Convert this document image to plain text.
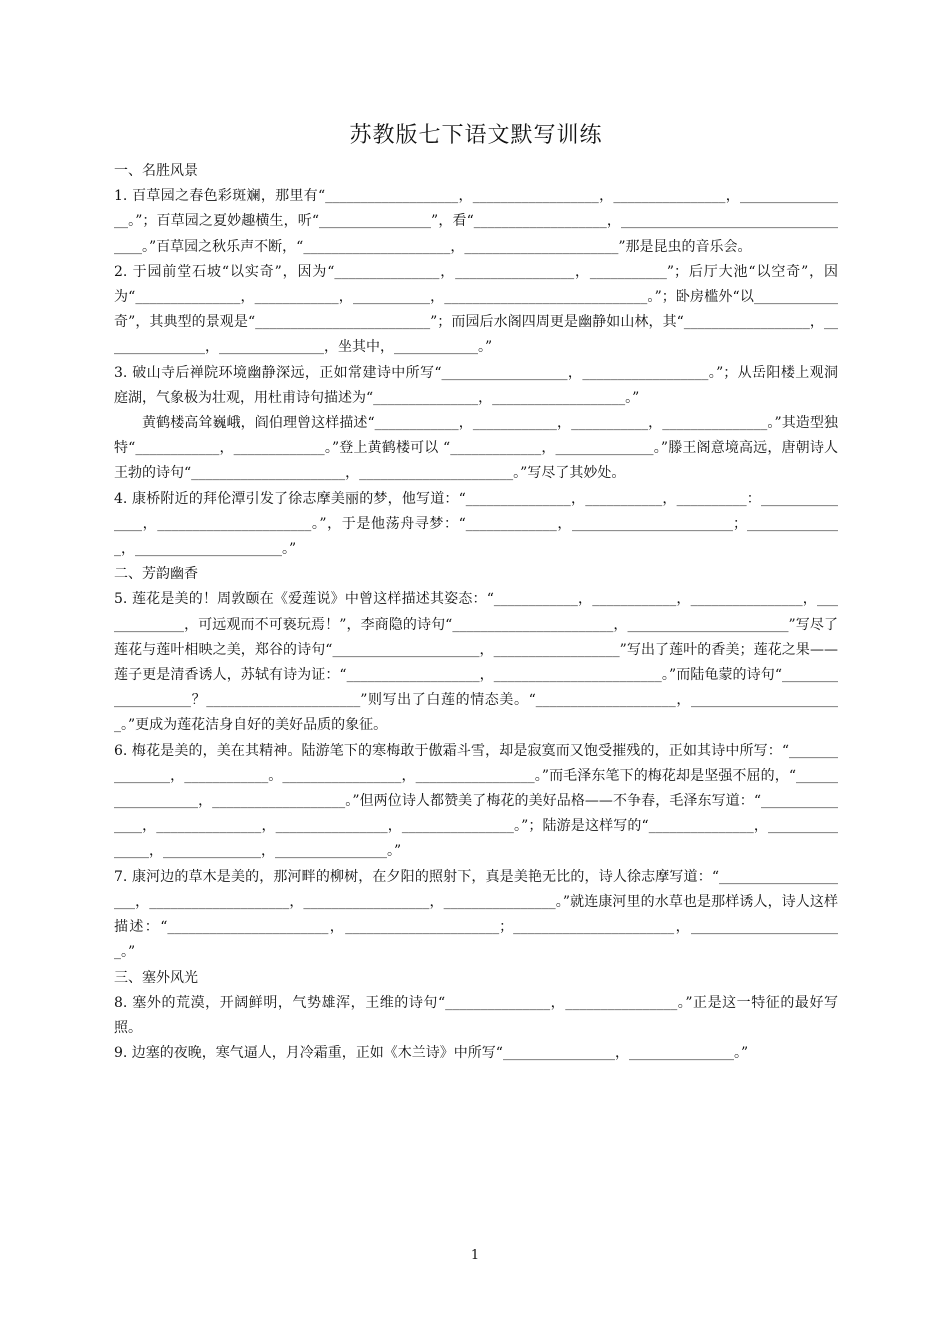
苏教版七下语文默写训练

一、名胜风景

1. 百草园之春色彩斑斓，那里有“___________________，__________________，________________，________________。”；百草园之夏妙趣横生，听“________________”，看“___________________，___________________________________。”百草园之秋乐声不断，“_____________________，______________________”那是昆虫的音乐会。

2. 于园前堂石坡“以实奇”，因为“_______________，_________________，___________”；后厅大池“以空奇”，因为“_______________，____________，___________，_____________________________。”；卧房槛外“以____________奇”，其典型的景观是“_________________________”；而园后水阁四周更是幽静如山林，其“__________________，_______________，_______________，坐其中，____________。”

3. 破山寺后禅院环境幽静深远，正如常建诗中所写“__________________，__________________。”；从岳阳楼上观洞庭湖，气象极为壮观，用杜甫诗句描述为“_______________，___________________。”

黄鹤楼高耸巍峨，阎伯理曾这样描述“____________，____________，___________，_______________。”其造型独特“____________，_____________。”登上黄鹤楼可以 “_____________，______________。”滕王阁意境高远，唐朝诗人王勃的诗句“______________________，______________________。”写尽了其妙处。

4. 康桥附近的拜伦潭引发了徐志摩美丽的梦，他写道：“_______________，___________，__________：_______________，______________________。”，于是他荡舟寻梦：“_____________，_______________________；______________，_____________________。”

二、芳韵幽香

5. 莲花是美的！周敦颐在《爱莲说》中曾这样描述其姿态：“____________，____________，________________，_____________，可远观而不可亵玩焉！”，李商隐的诗句“_______________________，_______________________”写尽了莲花与莲叶相映之美，郑谷的诗句“_____________________，__________________”写出了莲叶的香美；莲花之果——莲子更是清香诱人，苏轼有诗为证：“___________________，________________________。”而陆龟蒙的诗句“___________________？______________________”则写出了白莲的情态美。“____________________，______________________。”更成为莲花洁身自好的美好品质的象征。

6. 梅花是美的，美在其精神。陆游笔下的寒梅敢于傲霜斗雪，却是寂寞而又饱受摧残的，正如其诗中所写：“_______________，____________。_________________，_________________。”而毛泽东笔下的梅花却是坚强不屈的，“__________________，___________________。”但两位诗人都赞美了梅花的美好品格——不争春，毛泽东写道：“_______________，_______________，________________，________________。”；陆游是这样写的“_______________，_______________，______________，________________。”

7. 康河边的草木是美的，那河畔的柳树，在夕阳的照射下，真是美艳无比的，诗人徐志摩写道：“____________________，____________________，__________________，________________。”就连康河里的水草也是那样诱人，诗人这样描述：“_______________________，______________________；_______________________，______________________。”

三、塞外风光

8. 塞外的荒漠，开阔鲜明，气势雄浑，王维的诗句“_______________，________________。”正是这一特征的最好写照。

9. 边塞的夜晚，寒气逼人，月冷霜重，正如《木兰诗》中所写“________________，_______________。”

1
